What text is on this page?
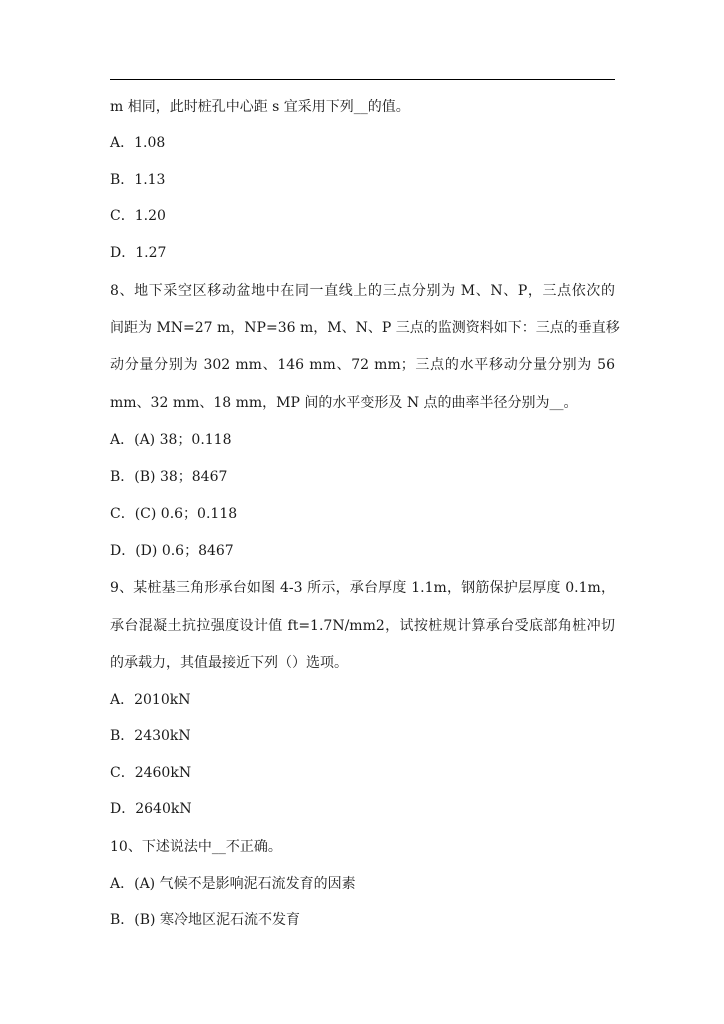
m 相同，此时桩孔中心距 s 宜采用下列__的值。
A．1.08
B．1.13
C．1.20
D．1.27
8、地下采空区移动盆地中在同一直线上的三点分别为 M、N、P，三点依次的
间距为 MN=27 m，NP=36 m，M、N、P 三点的监测资料如下：三点的垂直移
动分量分别为 302 mm、146 mm、72 mm；三点的水平移动分量分别为 56
mm、32 mm、18 mm，MP 间的水平变形及 N 点的曲率半径分别为__。
A．(A) 38；0.118
B．(B) 38；8467
C．(C) 0.6；0.118
D．(D) 0.6；8467
9、某桩基三角形承台如图 4-3 所示，承台厚度 1.1m，钢筋保护层厚度 0.1m，
承台混凝土抗拉强度设计值 ft=1.7N/mm2，试按桩规计算承台受底部角桩冲切
的承载力，其值最接近下列（）选项。
A．2010kN
B．2430kN
C．2460kN
D．2640kN
10、下述说法中__不正确。
A．(A) 气候不是影响泥石流发育的因素
B．(B) 寒冷地区泥石流不发育
